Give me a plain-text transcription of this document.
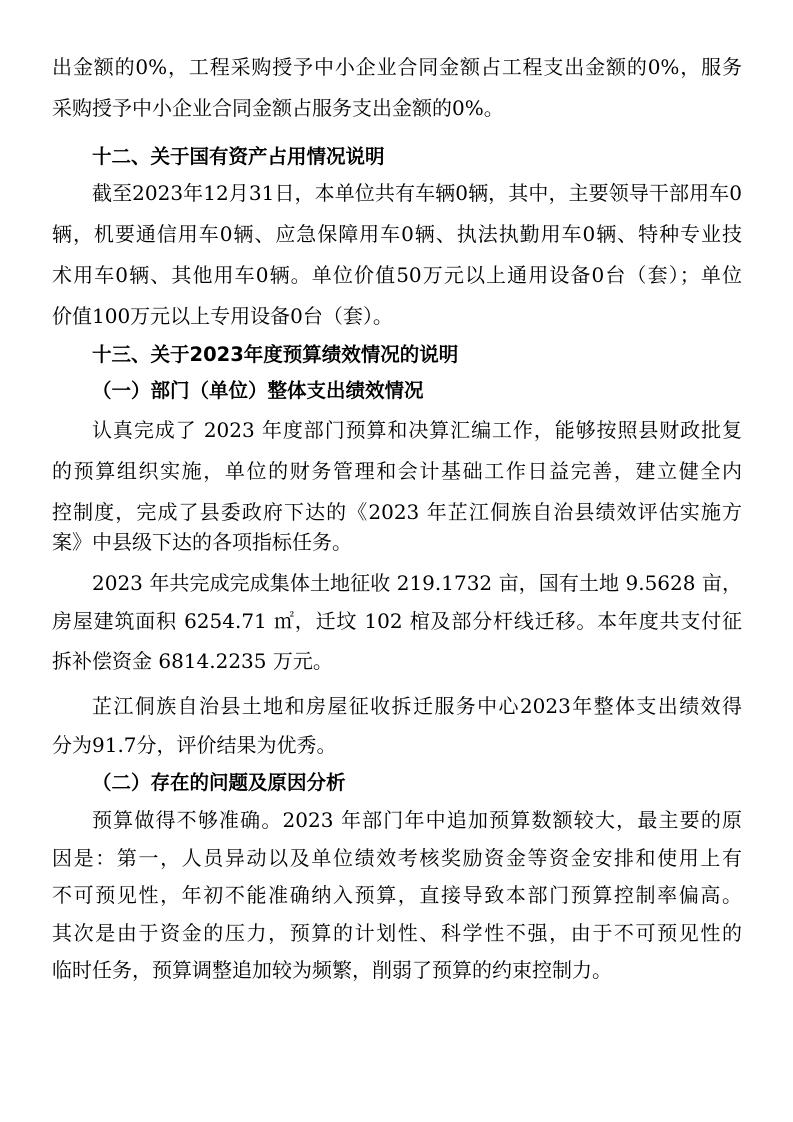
出金额的0%，工程采购授予中小企业合同金额占工程支出金额的0%，服务
采购授予中小企业合同金额占服务支出金额的0%。
十二、关于国有资产占用情况说明
截至2023年12月31日，本单位共有车辆0辆，其中，主要领导干部用车0
辆，机要通信用车0辆、应急保障用车0辆、执法执勤用车0辆、特种专业技
术用车0辆、其他用车0辆。单位价值50万元以上通用设备0台（套）；单位
价值100万元以上专用设备0台（套）。
十三、关于2023年度预算绩效情况的说明
（一）部门（单位）整体支出绩效情况
认真完成了 2023 年度部门预算和决算汇编工作，能够按照县财政批复
的预算组织实施，单位的财务管理和会计基础工作日益完善，建立健全内
控制度，完成了县委政府下达的《2023 年芷江侗族自治县绩效评估实施方
案》中县级下达的各项指标任务。
2023 年共完成完成集体土地征收 219.1732 亩，国有土地 9.5628 亩，
房屋建筑面积 6254.71 ㎡，迁坟 102 棺及部分杆线迁移。本年度共支付征
拆补偿资金 6814.2235 万元。
芷江侗族自治县土地和房屋征收拆迁服务中心2023年整体支出绩效得
分为91.7分，评价结果为优秀。
（二）存在的问题及原因分析
预算做得不够准确。2023 年部门年中追加预算数额较大，最主要的原
因是：第一，人员异动以及单位绩效考核奖励资金等资金安排和使用上有
不可预见性，年初不能准确纳入预算，直接导致本部门预算控制率偏高。
其次是由于资金的压力，预算的计划性、科学性不强，由于不可预见性的
临时任务，预算调整追加较为频繁，削弱了预算的约束控制力。
